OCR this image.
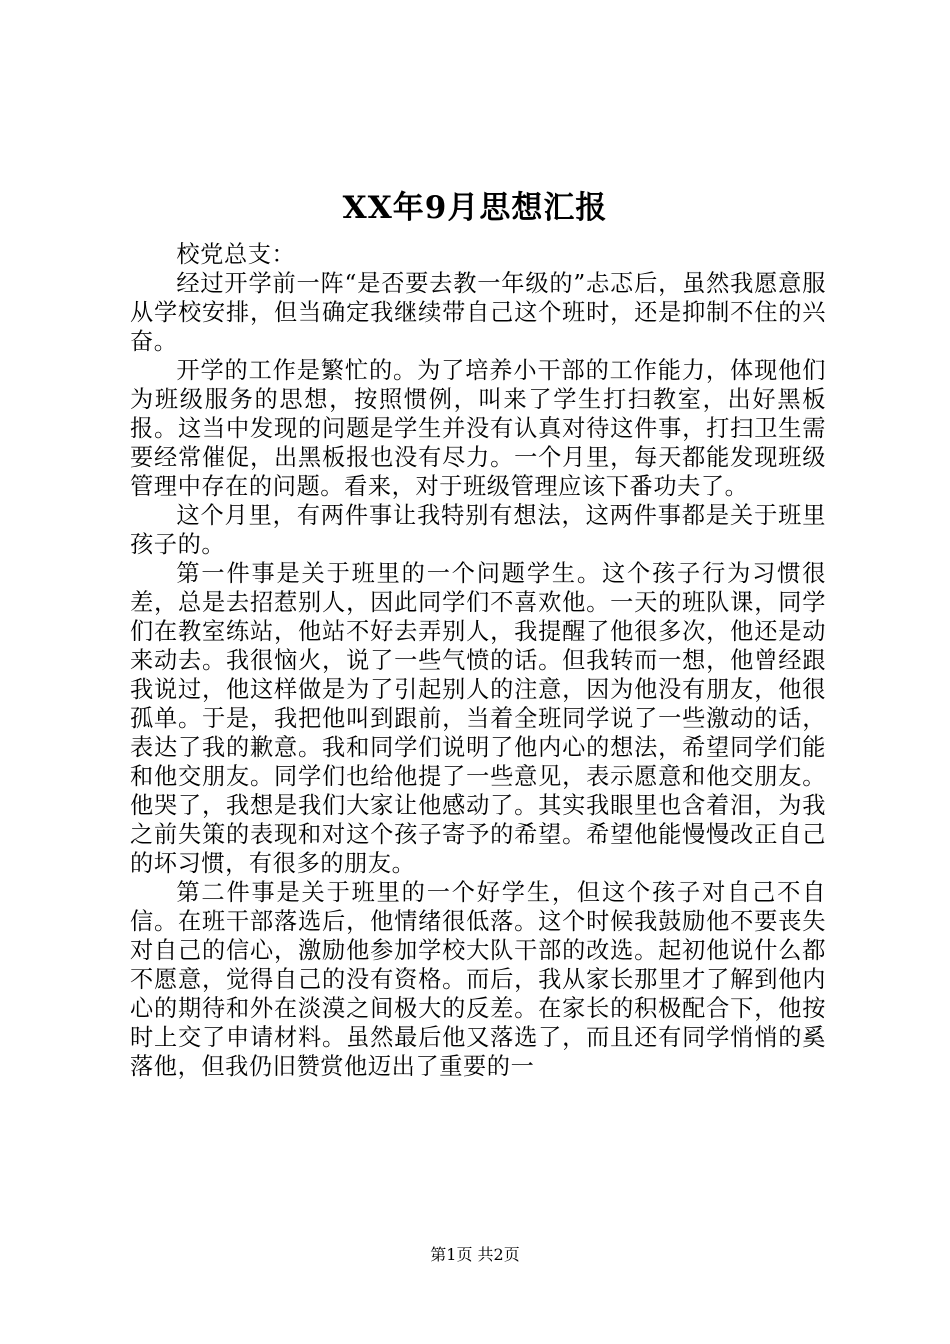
XX年9月思想汇报

校党总支：

经过开学前一阵“是否要去教一年级的”忐忑后，虽然我愿意服从学校安排，但当确定我继续带自己这个班时，还是抑制不住的兴奋。

开学的工作是繁忙的。为了培养小干部的工作能力，体现他们为班级服务的思想，按照惯例，叫来了学生打扫教室，出好黑板报。这当中发现的问题是学生并没有认真对待这件事，打扫卫生需要经常催促，出黑板报也没有尽力。一个月里，每天都能发现班级管理中存在的问题。看来，对于班级管理应该下番功夫了。

这个月里，有两件事让我特别有想法，这两件事都是关于班里孩子的。

第一件事是关于班里的一个问题学生。这个孩子行为习惯很差，总是去招惹别人，因此同学们不喜欢他。一天的班队课，同学们在教室练站，他站不好去弄别人，我提醒了他很多次，他还是动来动去。我很恼火，说了一些气愤的话。但我转而一想，他曾经跟我说过，他这样做是为了引起别人的注意，因为他没有朋友，他很孤单。于是，我把他叫到跟前，当着全班同学说了一些激动的话，表达了我的歉意。我和同学们说明了他内心的想法，希望同学们能和他交朋友。同学们也给他提了一些意见，表示愿意和他交朋友。他哭了，我想是我们大家让他感动了。其实我眼里也含着泪，为我之前失策的表现和对这个孩子寄予的希望。希望他能慢慢改正自己的坏习惯，有很多的朋友。

第二件事是关于班里的一个好学生，但这个孩子对自己不自信。在班干部落选后，他情绪很低落。这个时候我鼓励他不要丧失对自己的信心，激励他参加学校大队干部的改选。起初他说什么都不愿意，觉得自己的没有资格。而后，我从家长那里才了解到他内心的期待和外在淡漠之间极大的反差。在家长的积极配合下，他按时上交了申请材料。虽然最后他又落选了，而且还有同学悄悄的奚落他，但我仍旧赞赏他迈出了重要的一

第1页 共2页
